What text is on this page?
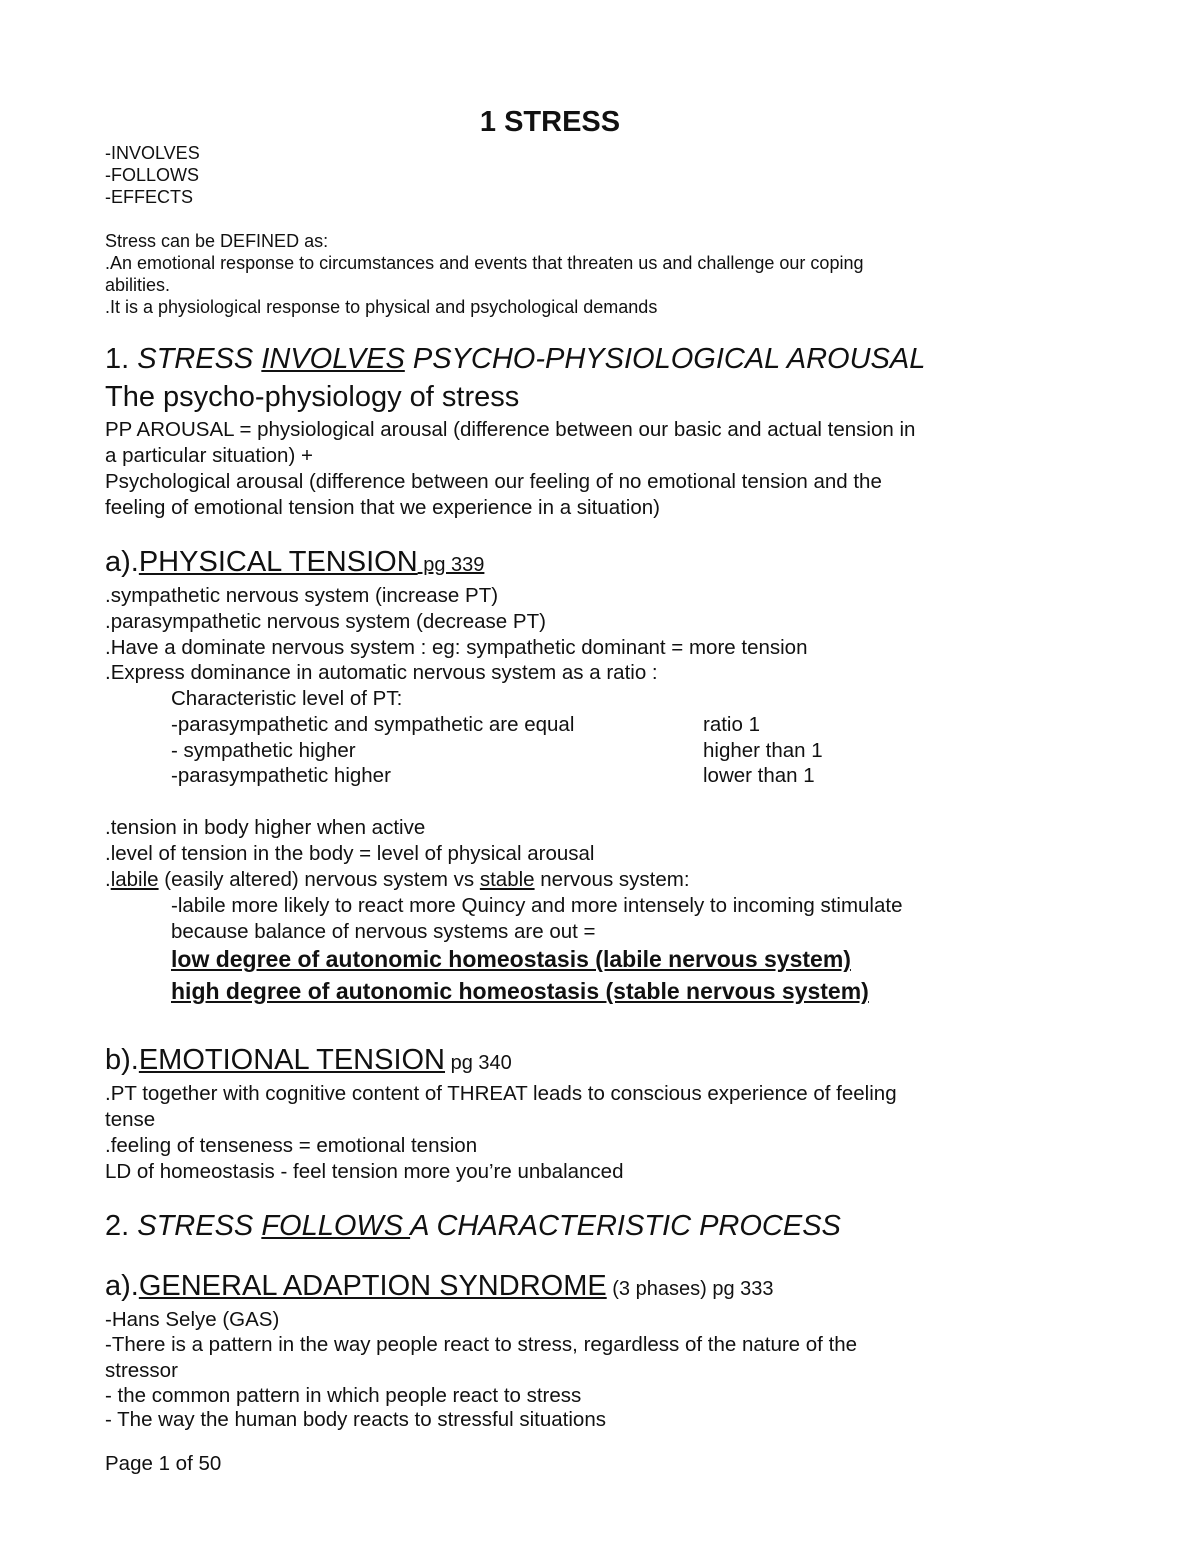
1 STRESS
-INVOLVES
-FOLLOWS
-EFFECTS
Stress can be DEFINED as:
.An emotional response to circumstances and events that threaten us and challenge our coping
abilities.
.It is a physiological response to physical and psychological demands
1. STRESS INVOLVES PSYCHO-PHYSIOLOGICAL AROUSAL
The psycho-physiology of stress
PP AROUSAL = physiological arousal (difference between our basic and actual tension in
a particular situation) +
Psychological arousal (difference between our feeling of no emotional tension and the
feeling of emotional tension that we experience in a situation)
a).PHYSICAL TENSION pg 339
.sympathetic nervous system (increase PT)
.parasympathetic nervous system (decrease PT)
.Have a dominate nervous system : eg: sympathetic dominant = more tension
.Express dominance in automatic nervous system as a ratio :
Characteristic level of PT:
-parasympathetic and sympathetic are equal	ratio 1
- sympathetic higher	higher than 1
-parasympathetic higher	lower than 1
.tension in body higher when active
.level of tension in the body = level of physical arousal
.labile (easily altered) nervous system vs stable nervous system:
-labile more likely to react more Quincy and more intensely to incoming stimulate
because balance of nervous systems are out =
low degree of autonomic homeostasis (labile nervous system)
high degree of autonomic homeostasis (stable nervous system)
b).EMOTIONAL TENSION pg 340
.PT together with cognitive content of THREAT leads to conscious experience of feeling
tense
.feeling of tenseness = emotional tension
LD of homeostasis - feel tension more you’re unbalanced
2. STRESS FOLLOWS A CHARACTERISTIC PROCESS
a).GENERAL ADAPTION SYNDROME (3 phases) pg 333
-Hans Selye (GAS)
-There is a pattern in the way people react to stress, regardless of the nature of the
stressor
- the common pattern in which people react to stress
- The way the human body reacts to stressful situations
Page 1 of 50
